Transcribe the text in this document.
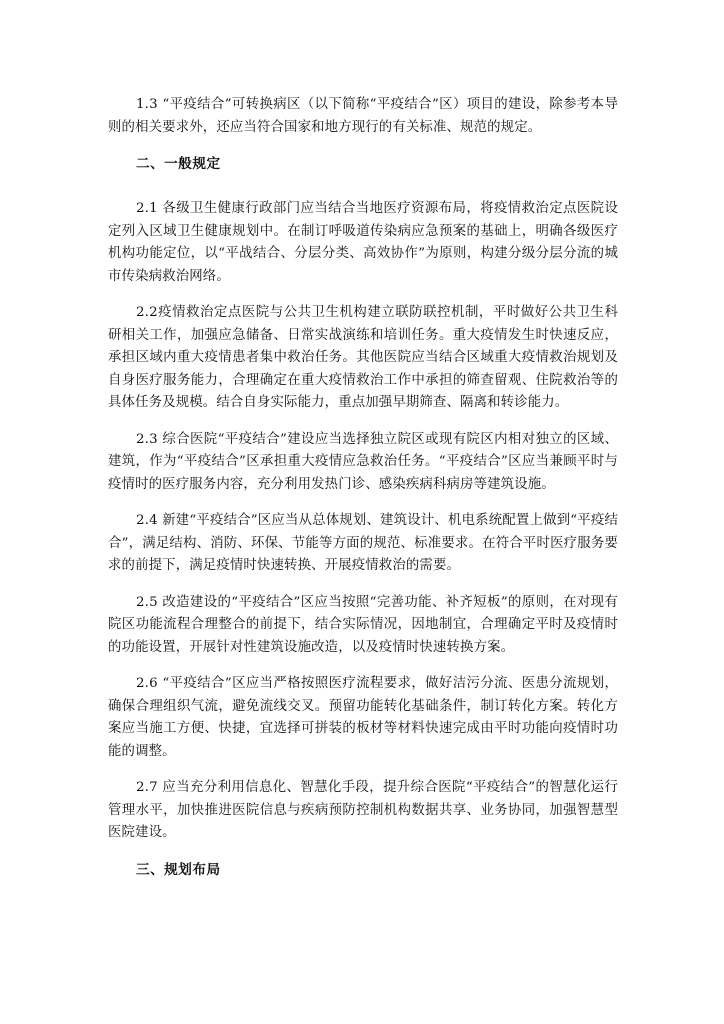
1.3 “平疫结合”可转换病区（以下简称“平疫结合”区）项目的建设，除参考本导则的相关要求外，还应当符合国家和地方现行的有关标准、规范的规定。

二、一般规定

2.1 各级卫生健康行政部门应当结合当地医疗资源布局，将疫情救治定点医院设定列入区域卫生健康规划中。在制订呼吸道传染病应急预案的基础上，明确各级医疗机构功能定位，以“平战结合、分层分类、高效协作”为原则，构建分级分层分流的城市传染病救治网络。

2.2疫情救治定点医院与公共卫生机构建立联防联控机制，平时做好公共卫生科研相关工作，加强应急储备、日常实战演练和培训任务。重大疫情发生时快速反应，承担区域内重大疫情患者集中救治任务。其他医院应当结合区域重大疫情救治规划及自身医疗服务能力，合理确定在重大疫情救治工作中承担的筛查留观、住院救治等的具体任务及规模。结合自身实际能力，重点加强早期筛查、隔离和转诊能力。

2.3 综合医院“平疫结合”建设应当选择独立院区或现有院区内相对独立的区域、建筑，作为“平疫结合”区承担重大疫情应急救治任务。“平疫结合”区应当兼顾平时与疫情时的医疗服务内容，充分利用发热门诊、感染疾病科病房等建筑设施。

2.4 新建“平疫结合”区应当从总体规划、建筑设计、机电系统配置上做到“平疫结合”，满足结构、消防、环保、节能等方面的规范、标准要求。在符合平时医疗服务要求的前提下，满足疫情时快速转换、开展疫情救治的需要。

2.5 改造建设的“平疫结合”区应当按照“完善功能、补齐短板”的原则，在对现有院区功能流程合理整合的前提下，结合实际情况，因地制宜，合理确定平时及疫情时的功能设置，开展针对性建筑设施改造，以及疫情时快速转换方案。

2.6 “平疫结合”区应当严格按照医疗流程要求，做好洁污分流、医患分流规划，确保合理组织气流，避免流线交叉。预留功能转化基础条件，制订转化方案。转化方案应当施工方便、快捷，宜选择可拼装的板材等材料快速完成由平时功能向疫情时功能的调整。

2.7 应当充分利用信息化、智慧化手段，提升综合医院“平疫结合”的智慧化运行管理水平，加快推进医院信息与疾病预防控制机构数据共享、业务协同，加强智慧型医院建设。

三、规划布局
